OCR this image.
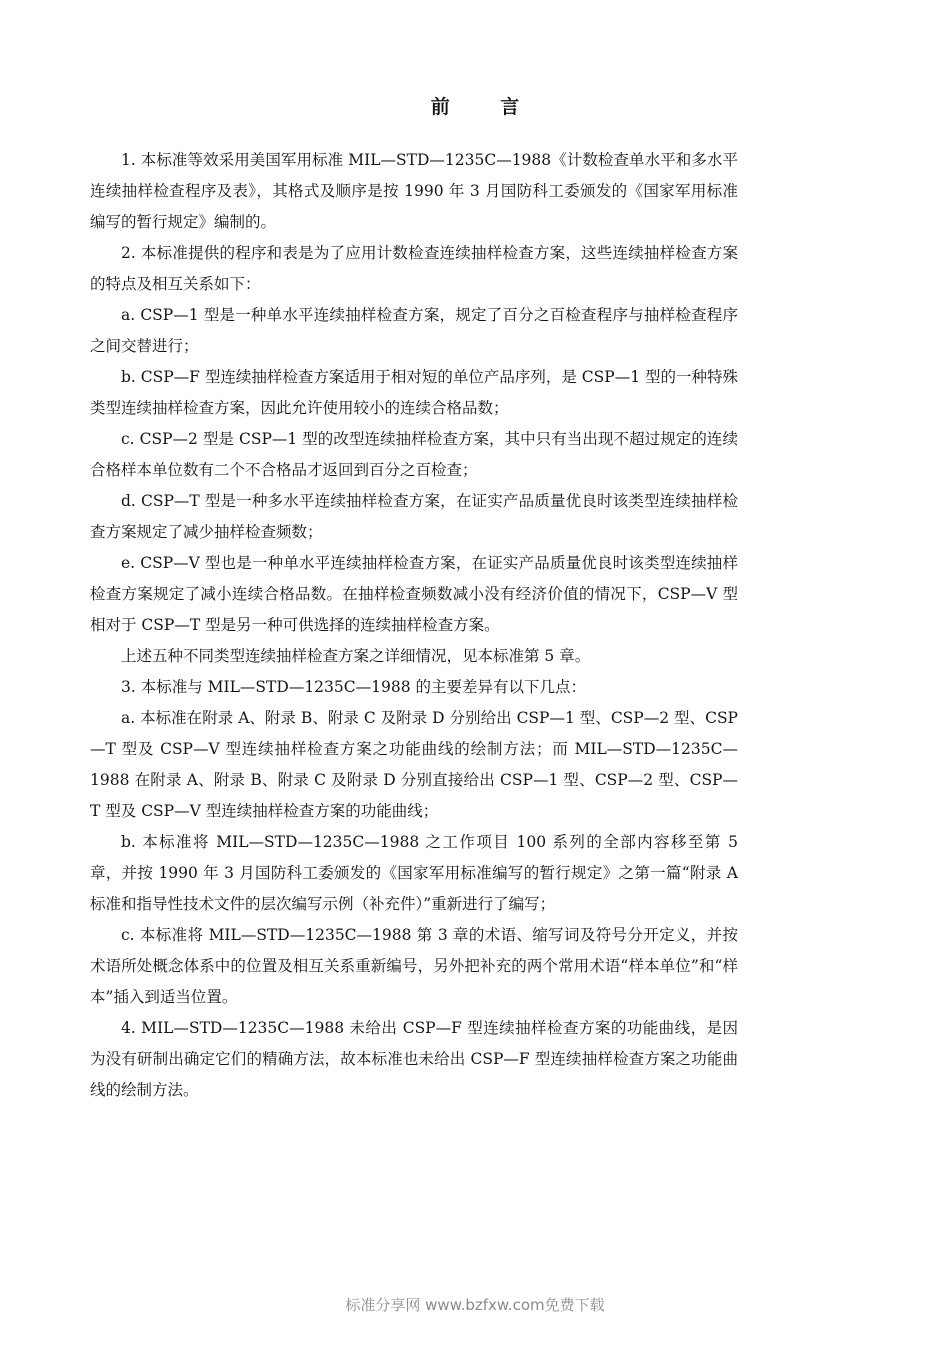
前 言

1. 本标准等效采用美国军用标准 MIL—STD—1235C—1988《计数检查单水平和多水平连续抽样检查程序及表》，其格式及顺序是按 1990 年 3 月国防科工委颁发的《国家军用标准编写的暂行规定》编制的。

2. 本标准提供的程序和表是为了应用计数检查连续抽样检查方案，这些连续抽样检查方案的特点及相互关系如下：

a. CSP—1 型是一种单水平连续抽样检查方案，规定了百分之百检查程序与抽样检查程序之间交替进行；

b. CSP—F 型连续抽样检查方案适用于相对短的单位产品序列，是 CSP—1 型的一种特殊类型连续抽样检查方案，因此允许使用较小的连续合格品数；

c. CSP—2 型是 CSP—1 型的改型连续抽样检查方案，其中只有当出现不超过规定的连续合格样本单位数有二个不合格品才返回到百分之百检查；

d. CSP—T 型是一种多水平连续抽样检查方案，在证实产品质量优良时该类型连续抽样检查方案规定了减少抽样检查频数；

e. CSP—V 型也是一种单水平连续抽样检查方案，在证实产品质量优良时该类型连续抽样检查方案规定了减小连续合格品数。在抽样检查频数减小没有经济价值的情况下，CSP—V 型相对于 CSP—T 型是另一种可供选择的连续抽样检查方案。

上述五种不同类型连续抽样检查方案之详细情况，见本标准第 5 章。

3. 本标准与 MIL—STD—1235C—1988 的主要差异有以下几点：

a. 本标准在附录 A、附录 B、附录 C 及附录 D 分别给出 CSP—1 型、CSP—2 型、CSP—T 型及 CSP—V 型连续抽样检查方案之功能曲线的绘制方法；而 MIL—STD—1235C—1988 在附录 A、附录 B、附录 C 及附录 D 分别直接给出 CSP—1 型、CSP—2 型、CSP—T 型及 CSP—V 型连续抽样检查方案的功能曲线；

b. 本标准将 MIL—STD—1235C—1988 之工作项目 100 系列的全部内容移至第 5 章，并按 1990 年 3 月国防科工委颁发的《国家军用标准编写的暂行规定》之第一篇“附录 A 标准和指导性技术文件的层次编写示例（补充件）”重新进行了编写；

c. 本标准将 MIL—STD—1235C—1988 第 3 章的术语、缩写词及符号分开定义，并按术语所处概念体系中的位置及相互关系重新编号，另外把补充的两个常用术语“样本单位”和“样本”插入到适当位置。

4. MIL—STD—1235C—1988 未给出 CSP—F 型连续抽样检查方案的功能曲线，是因为没有研制出确定它们的精确方法，故本标准也未给出 CSP—F 型连续抽样检查方案之功能曲线的绘制方法。

标准分享网 www.bzfxw.com免费下载
